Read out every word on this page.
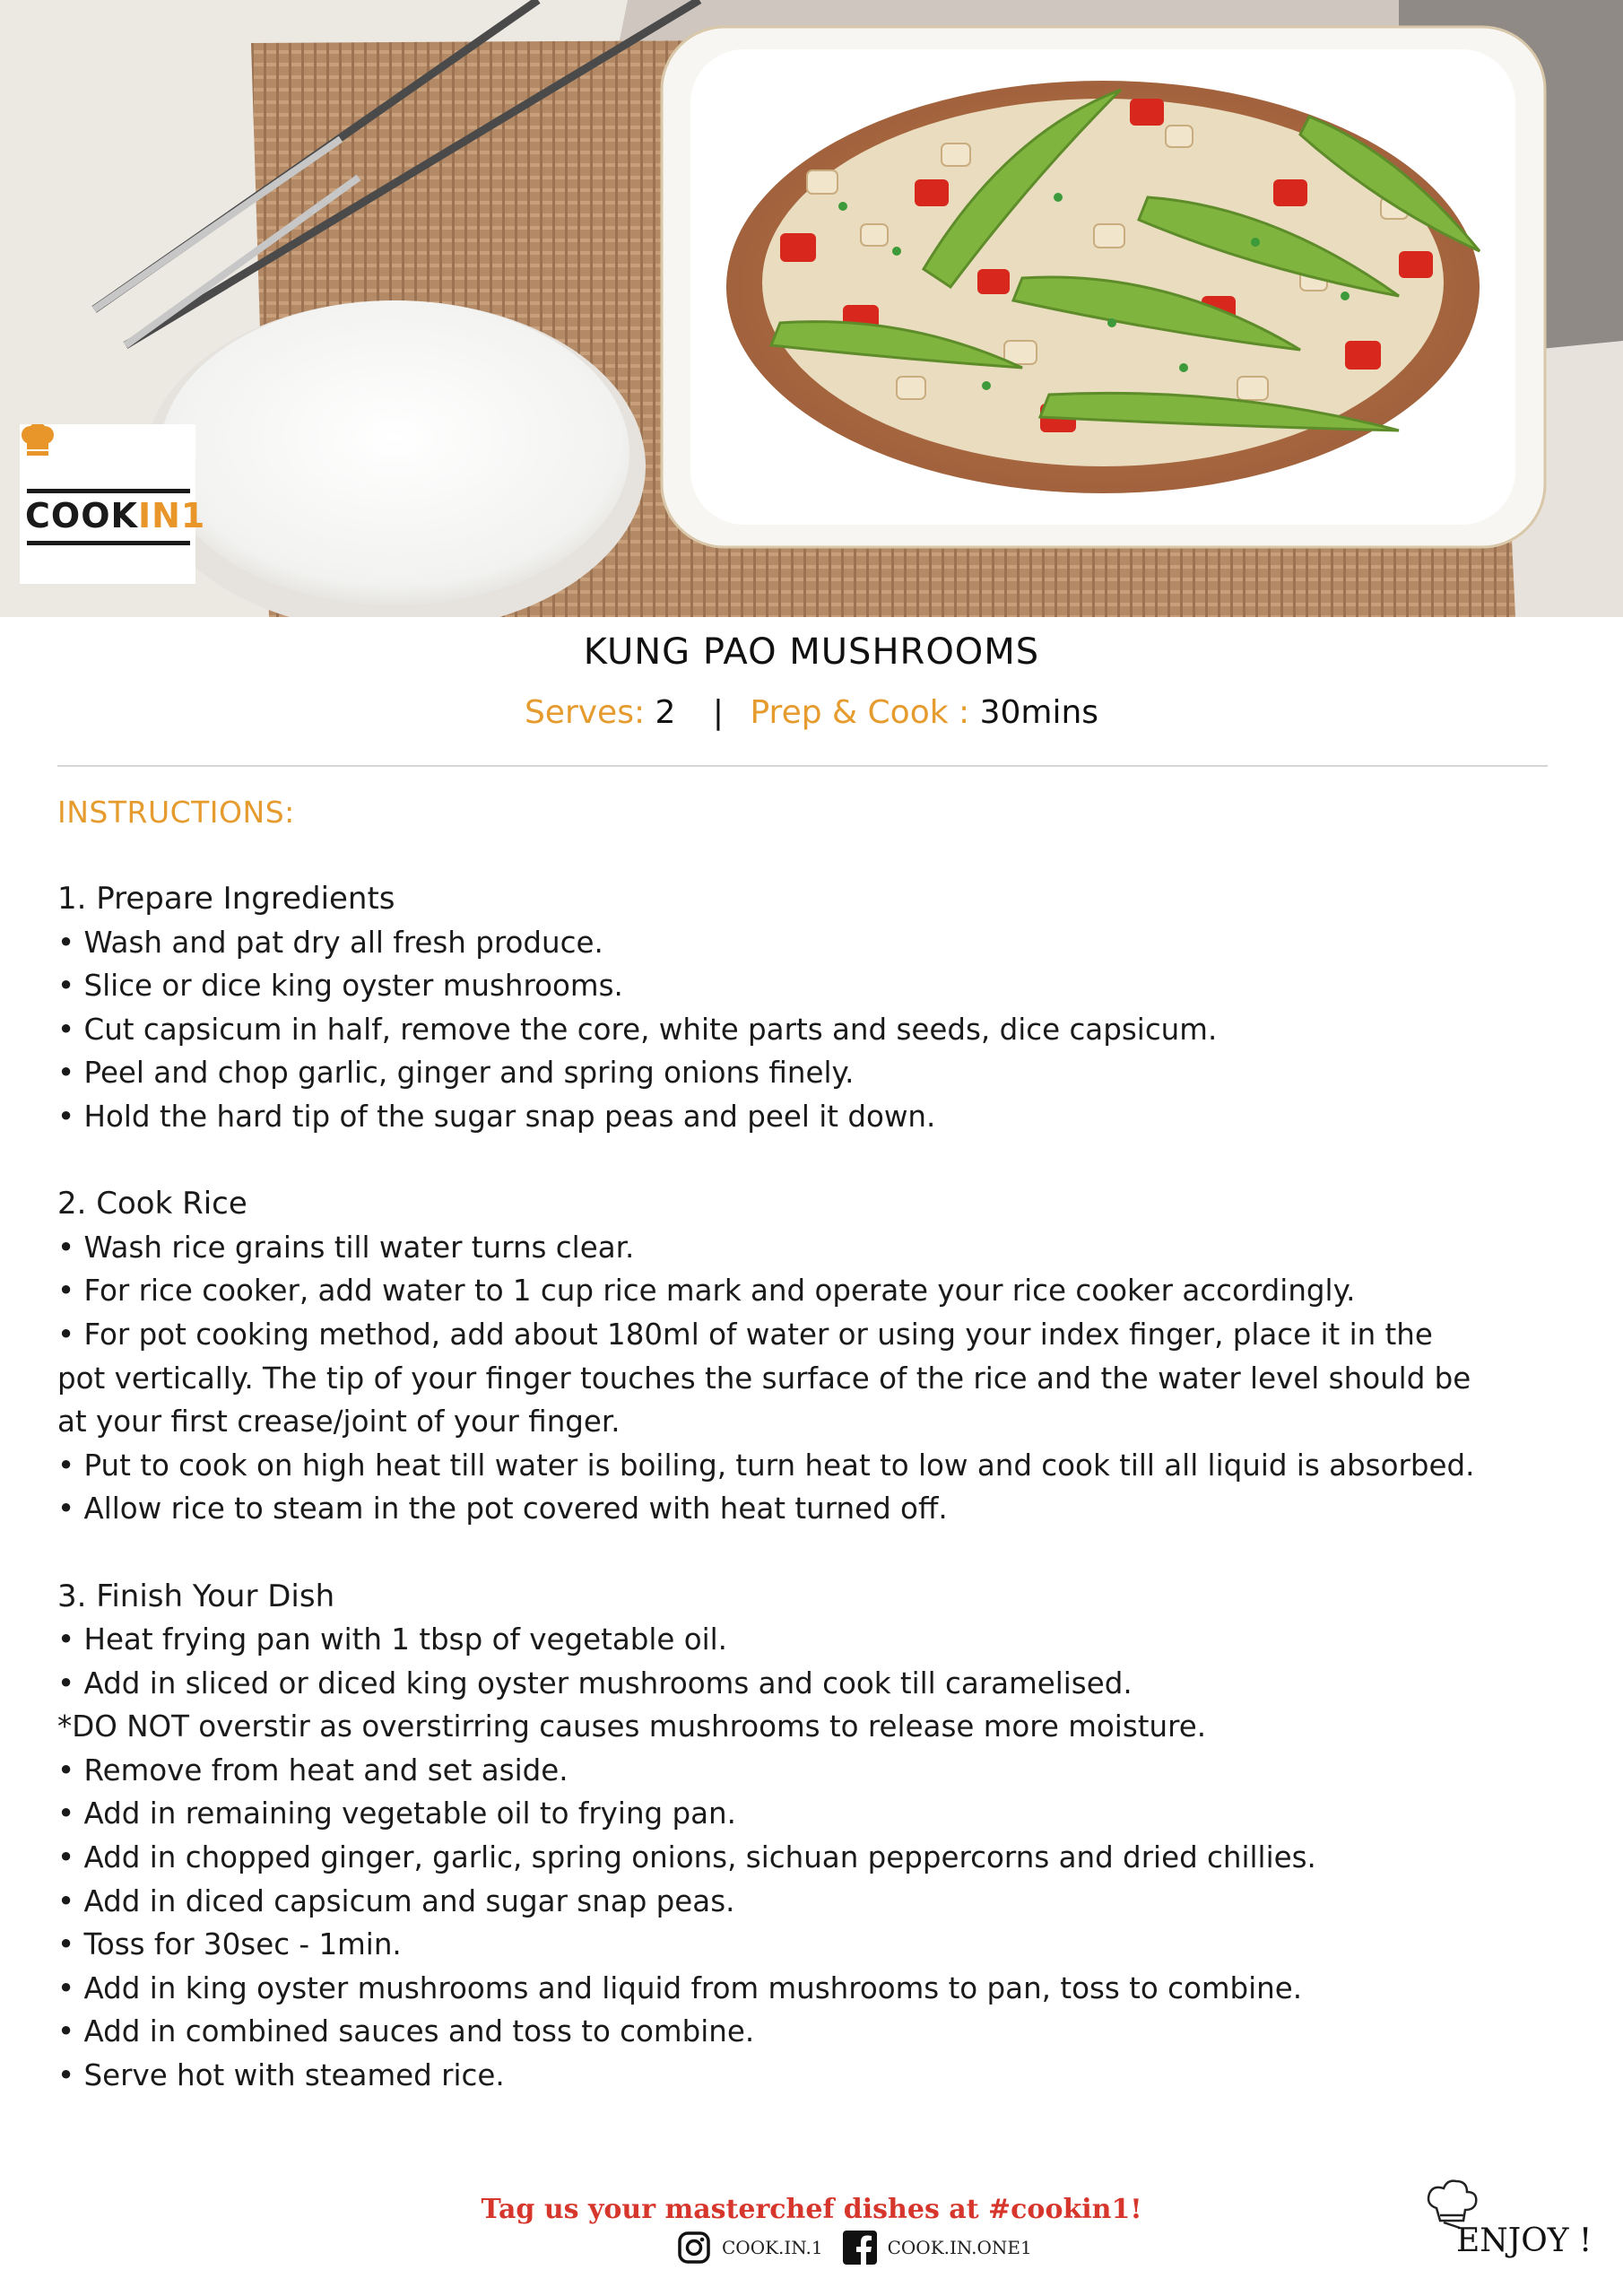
COOKIN1
KUNG PAO MUSHROOMS
Serves: 2 | Prep & Cook : 30mins
INSTRUCTIONS:
1. Prepare Ingredients
• Wash and pat dry all fresh produce.
• Slice or dice king oyster mushrooms.
• Cut capsicum in half, remove the core, white parts and seeds, dice capsicum.
• Peel and chop garlic, ginger and spring onions finely.
• Hold the hard tip of the sugar snap peas and peel it down.
2. Cook Rice
• Wash rice grains till water turns clear.
• For rice cooker, add water to 1 cup rice mark and operate your rice cooker accordingly.
• For pot cooking method, add about 180ml of water or using your index finger, place it in the
pot vertically. The tip of your finger touches the surface of the rice and the water level should be
at your first crease/joint of your finger.
• Put to cook on high heat till water is boiling, turn heat to low and cook till all liquid is absorbed.
• Allow rice to steam in the pot covered with heat turned off.
3. Finish Your Dish
• Heat frying pan with 1 tbsp of vegetable oil.
• Add in sliced or diced king oyster mushrooms and cook till caramelised.
*DO NOT overstir as overstirring causes mushrooms to release more moisture.
• Remove from heat and set aside.
• Add in remaining vegetable oil to frying pan.
• Add in chopped ginger, garlic, spring onions, sichuan peppercorns and dried chillies.
• Add in diced capsicum and sugar snap peas.
• Toss for 30sec - 1min.
• Add in king oyster mushrooms and liquid from mushrooms to pan, toss to combine.
• Add in combined sauces and toss to combine.
• Serve hot with steamed rice.
Tag us your masterchef dishes at #cookin1!
COOK.IN.1	COOK.IN.ONE1	ENJOY !
